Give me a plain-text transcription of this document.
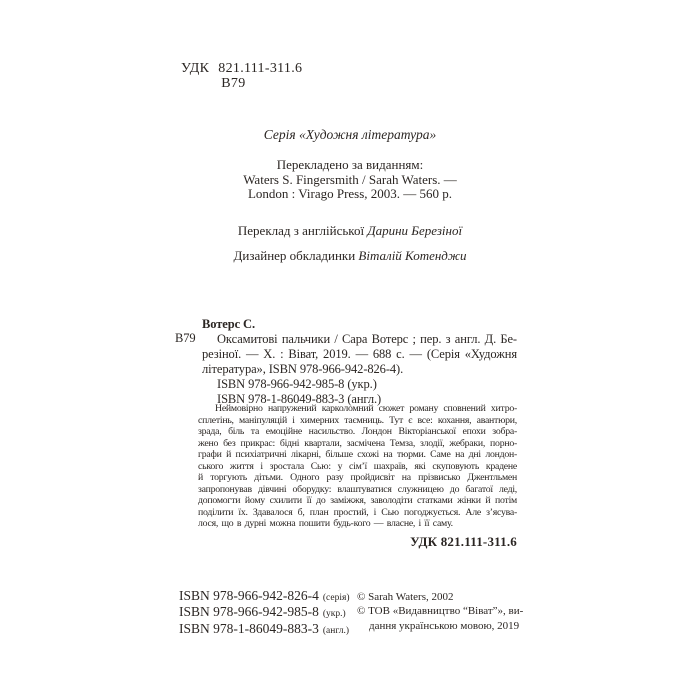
УДК 821.111-311.6
В79
Серія «Художня література»
Перекладено за виданням:
Waters S. Fingersmith / Sarah Waters. —
London : Virago Press, 2003. — 560 p.
Переклад з англійської Дарини Березіної
Дизайнер обкладинки Віталій Котенджи
В79
Вотерс С.
Оксамитові пальчики / Сара Вотерс ; пер. з англ. Д. Бе-
резіної. — Х. : Віват, 2019. — 688 с. — (Серія «Художня
література», ISBN 978-966-942-826-4).
ISBN 978-966-942-985-8 (укр.)
ISBN 978-1-86049-883-3 (англ.)
Неймовірно напружений карколомний сюжет роману сповнений хитро-
сплетінь, маніпуляцій і химерних таємниць. Тут є все: кохання, авантюри,
зрада, біль та емоційне насильство. Лондон Вікторіанської епохи зобра-
жено без прикрас: бідні квартали, засмічена Темза, злодії, жебраки, порно-
графи й психіатричні лікарні, більше схожі на тюрми. Саме на дні лондон-
ського життя і зростала Сью: у сім’ї шахраїв, які скуповують крадене
й торгують дітьми. Одного разу пройдисвіт на прізвисько Джентльмен
запропонував дівчині оборудку: влаштуватися служницею до багатої леді,
допомогти йому схилити її до заміжжя, заволодіти статками жінки й потім
поділити їх. Здавалося б, план простий, і Сью погоджується. Але з’ясува-
лося, що в дурні можна пошити будь-кого — власне, і її саму.
УДК 821.111-311.6
ISBN 978-966-942-826-4 (серія)
ISBN 978-966-942-985-8 (укр.)
ISBN 978-1-86049-883-3 (англ.)
© Sarah Waters, 2002
© ТОВ «Видавництво “Віват”», ви-
дання українською мовою, 2019
